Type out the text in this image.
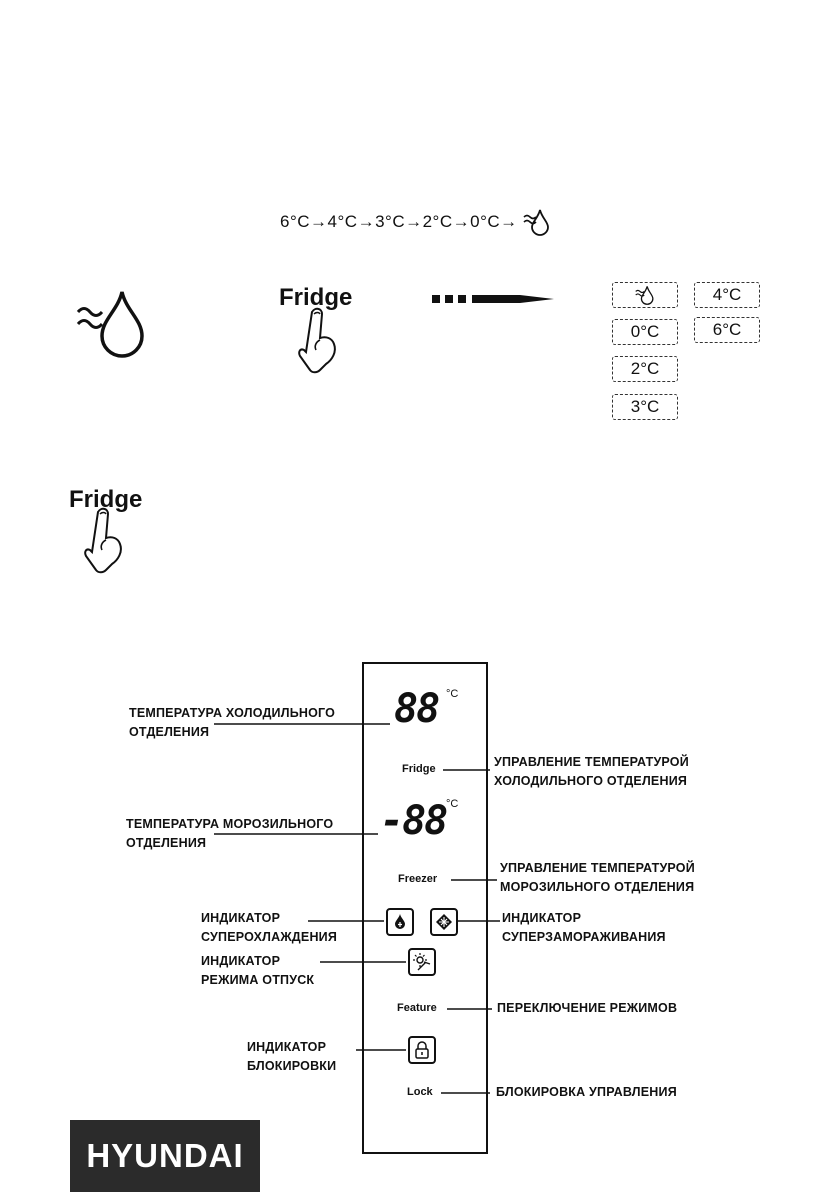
6°C → 4°C → 3°C → 2°C → 0°C →
Fridge	4°C
0°C	6°C
2°C
3°C
Fridge
88 °C
Fridge
-88 °C
Freezer
Feature
Lock
ТЕМПЕРАТУРА ХОЛОДИЛЬНОГО
ОТДЕЛЕНИЯ
УПРАВЛЕНИЕ ТЕМПЕРАТУРОЙ
ХОЛОДИЛЬНОГО ОТДЕЛЕНИЯ
ТЕМПЕРАТУРА МОРОЗИЛЬНОГО
ОТДЕЛЕНИЯ
УПРАВЛЕНИЕ ТЕМПЕРАТУРОЙ
МОРОЗИЛЬНОГО ОТДЕЛЕНИЯ
ИНДИКАТОР
СУПЕРОХЛАЖДЕНИЯ
ИНДИКАТОР
СУПЕРЗАМОРАЖИВАНИЯ
ИНДИКАТОР
РЕЖИМА ОТПУСК
ПЕРЕКЛЮЧЕНИЕ РЕЖИМОВ
ИНДИКАТОР
БЛОКИРОВКИ
БЛОКИРОВКА УПРАВЛЕНИЯ
HYUNDAI
